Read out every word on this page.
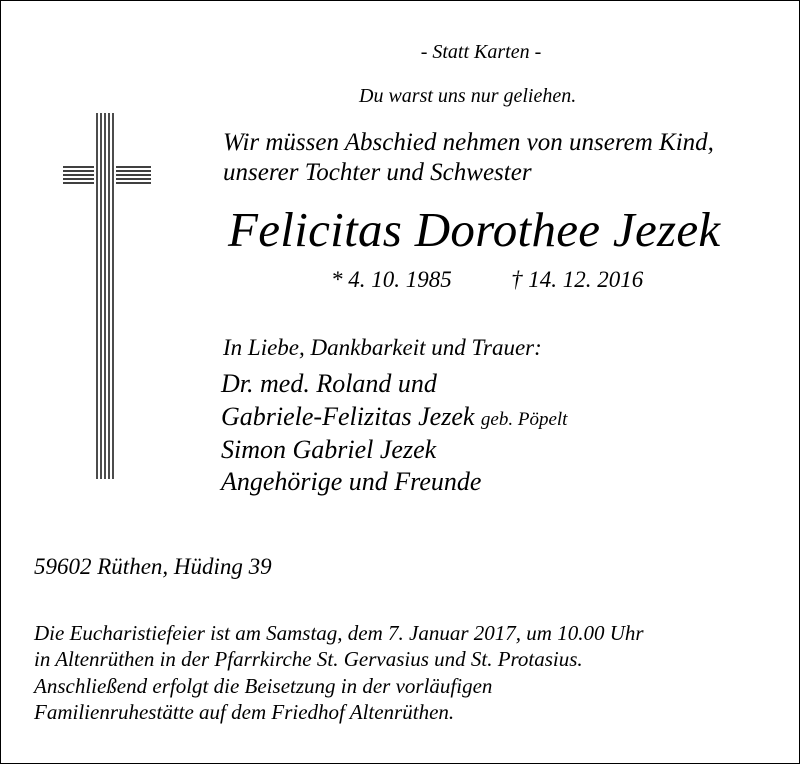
- Statt Karten -
Du warst uns nur geliehen.
Wir müssen Abschied nehmen von unserem Kind,
unserer Tochter und Schwester
Felicitas Dorothee Jezek
* 4. 10. 1985	† 14. 12. 2016
In Liebe, Dankbarkeit und Trauer:
Dr. med. Roland und
Gabriele-Felizitas Jezek geb. Pöpelt
Simon Gabriel Jezek
Angehörige und Freunde
59602 Rüthen, Hüding 39
Die Eucharistiefeier ist am Samstag, dem 7. Januar 2017, um 10.00 Uhr
in Altenrüthen in der Pfarrkirche St. Gervasius und St. Protasius.
Anschließend erfolgt die Beisetzung in der vorläufigen
Familienruhestätte auf dem Friedhof Altenrüthen.
